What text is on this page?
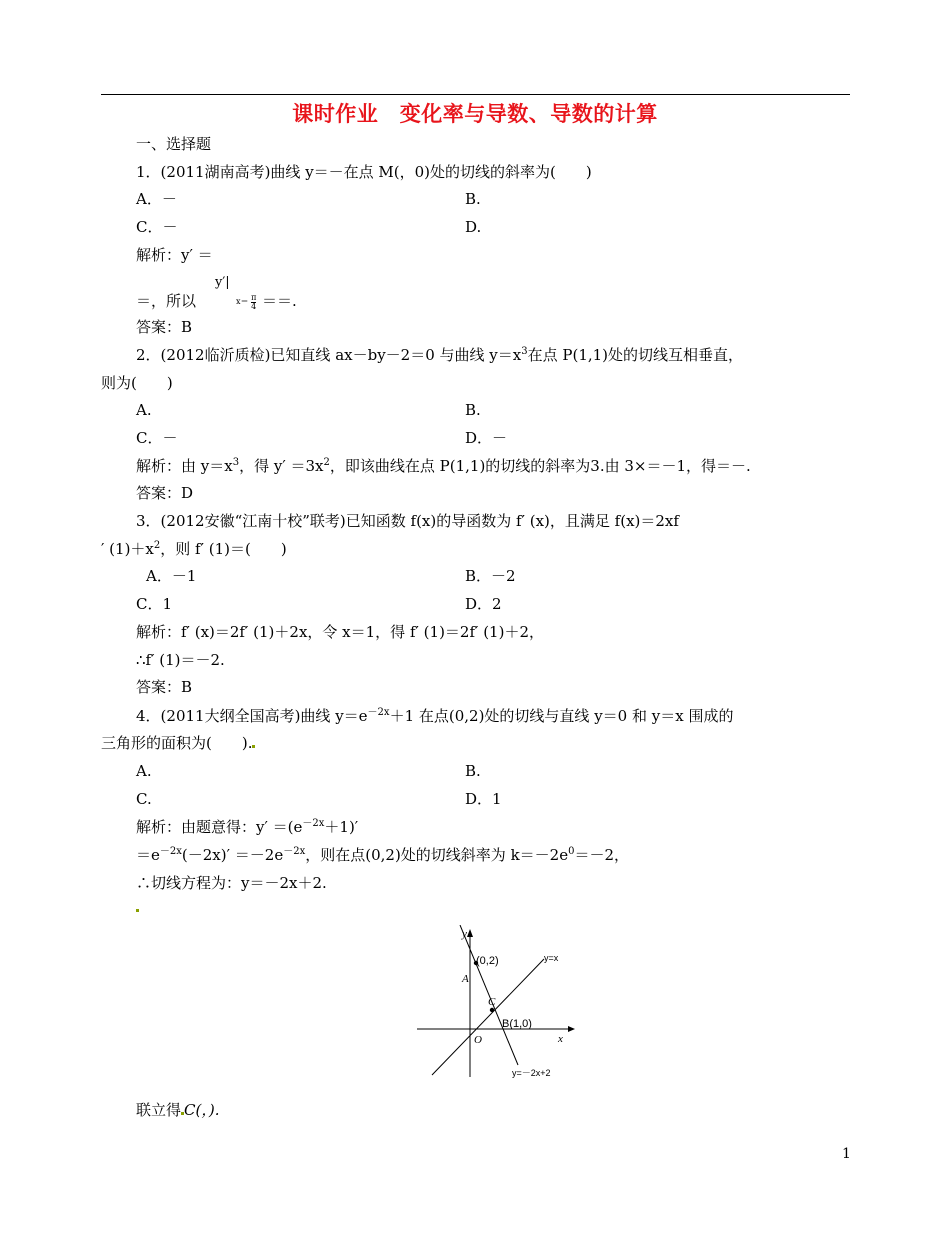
课时作业　变化率与导数、导数的计算
一、选择题
1．(2011湖南高考)曲线 y＝－在点 M(，0)处的切线的斜率为(　　)
A．－	B.
C．－	D.
解析：y′ ＝
y′|
$x= \frac{\pi}{4}$
＝，所以	＝＝.
答案：B
2．(2012临沂质检)已知直线 ax－by－2＝0 与曲线 $y=x^3$在点 P(1,1)处的切线互相垂直，
则为(　　)
A.	B.
C．－	D．－
解析：由 $y=x^3$，得 $y' =3x^2$，即该曲线在点 P(1,1)的切线的斜率为3.由 3×＝－1，得＝－.
答案：D
3．(2012安徽“江南十校”联考)已知函数 f(x)的导函数为 f′ (x)，且满足 f(x)＝2xf
′ $(1)+x^2$，则 f′ (1)＝(　　)
A．－1	B．－2
C．1	D．2
解析：f′ (x)＝2f′ (1)＋2x，令 x＝1，得 f′ (1)＝2f′ (1)＋2，
∴f′ (1)＝－2.
答案：B
4．(2011大纲全国高考)曲线 $y=e^{-2x}+1$ 在点(0,2)处的切线与直线 y＝0 和 y＝x 围成的
三角形的面积为(　　).
A.	B.
C.	D．1
解析：由题意得：$y' =(e^{-2x}+1)'$
$=e^{-2x}(-2x)' =-2e^{-2x}$，则在点(0,2)处的切线斜率为 $k=-2e^0=-2$，
∴切线方程为：y＝－2x＋2.
y
x
O
A
(0,2)
C
B(1,0)
y=x
y=－2x+2
联立得 C(，).
1
